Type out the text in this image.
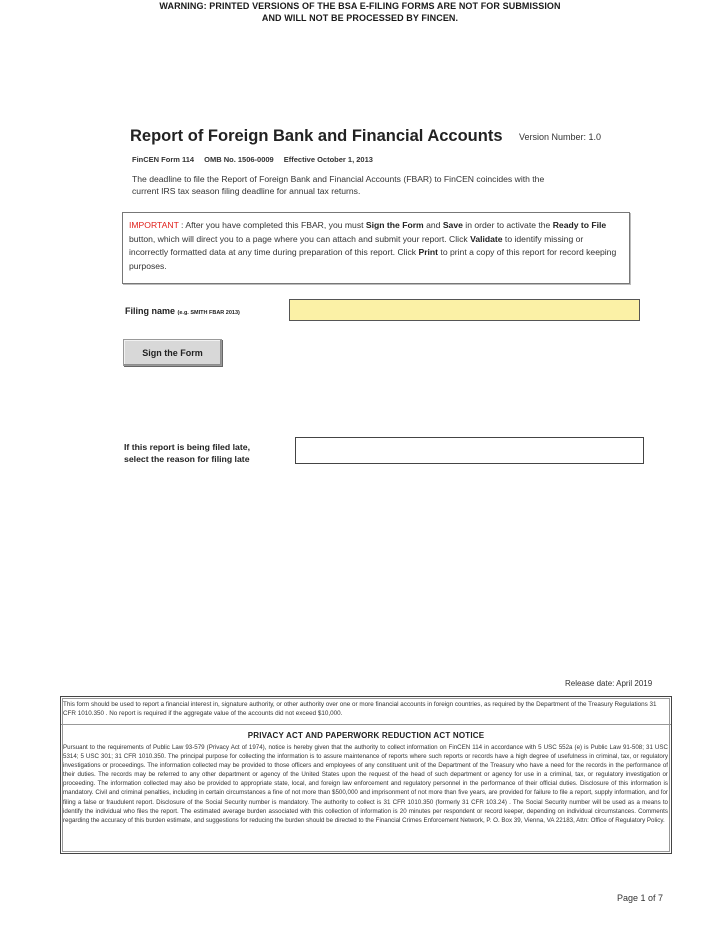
WARNING: PRINTED VERSIONS OF THE BSA E-FILING FORMS ARE NOT FOR SUBMISSION
AND WILL NOT BE PROCESSED BY FINCEN.
Report of Foreign Bank and Financial Accounts Version Number: 1.0
FinCEN Form 114 OMB No. 1506-0009 Effective October 1, 2013
The deadline to file the Report of Foreign Bank and Financial Accounts (FBAR) to FinCEN coincides with the current IRS tax season filing deadline for annual tax returns.
IMPORTANT : After you have completed this FBAR, you must Sign the Form and Save in order to activate the Ready to File button, which will direct you to a page where you can attach and submit your report. Click Validate to identify missing or incorrectly formatted data at any time during preparation of this report. Click Print to print a copy of this report for record keeping purposes.
Filing name (e.g. SMITH FBAR 2013)
Sign the Form
If this report is being filed late,
select the reason for filing late
Release date: April 2019
This form should be used to report a financial interest in, signature authority, or other authority over one or more financial accounts in foreign countries, as required by the Department of the Treasury Regulations 31 CFR 1010.350 . No report is required if the aggregate value of the accounts did not exceed $10,000.
PRIVACY ACT AND PAPERWORK REDUCTION ACT NOTICE
Pursuant to the requirements of Public Law 93-579 (Privacy Act of 1974), notice is hereby given that the authority to collect information on FinCEN 114 in accordance with 5 USC 552a (e) is Public Law 91-508; 31 USC 5314; 5 USC 301; 31 CFR 1010.350. The principal purpose for collecting the information is to assure maintenance of reports where such reports or records have a high degree of usefulness in criminal, tax, or regulatory investigations or proceedings. The information collected may be provided to those officers and employees of any constituent unit of the Department of the Treasury who have a need for the records in the performance of their duties. The records may be referred to any other department or agency of the United States upon the request of the head of such department or agency for use in a criminal, tax, or regulatory investigation or proceeding. The information collected may also be provided to appropriate state, local, and foreign law enforcement and regulatory personnel in the performance of their official duties. Disclosure of this information is mandatory. Civil and criminal penalties, including in certain circumstances a fine of not more than $500,000 and imprisonment of not more than five years, are provided for failure to file a report, supply information, and for filing a false or fraudulent report. Disclosure of the Social Security number is mandatory. The authority to collect is 31 CFR 1010.350 (formerly 31 CFR 103.24) . The Social Security number will be used as a means to identify the individual who files the report. The estimated average burden associated with this collection of information is 20 minutes per respondent or record keeper, depending on individual circumstances. Comments regarding the accuracy of this burden estimate, and suggestions for reducing the burden should be directed to the Financial Crimes Enforcement Network, P. O. Box 39, Vienna, VA 22183, Attn: Office of Regulatory Policy.
Page 1 of 7
